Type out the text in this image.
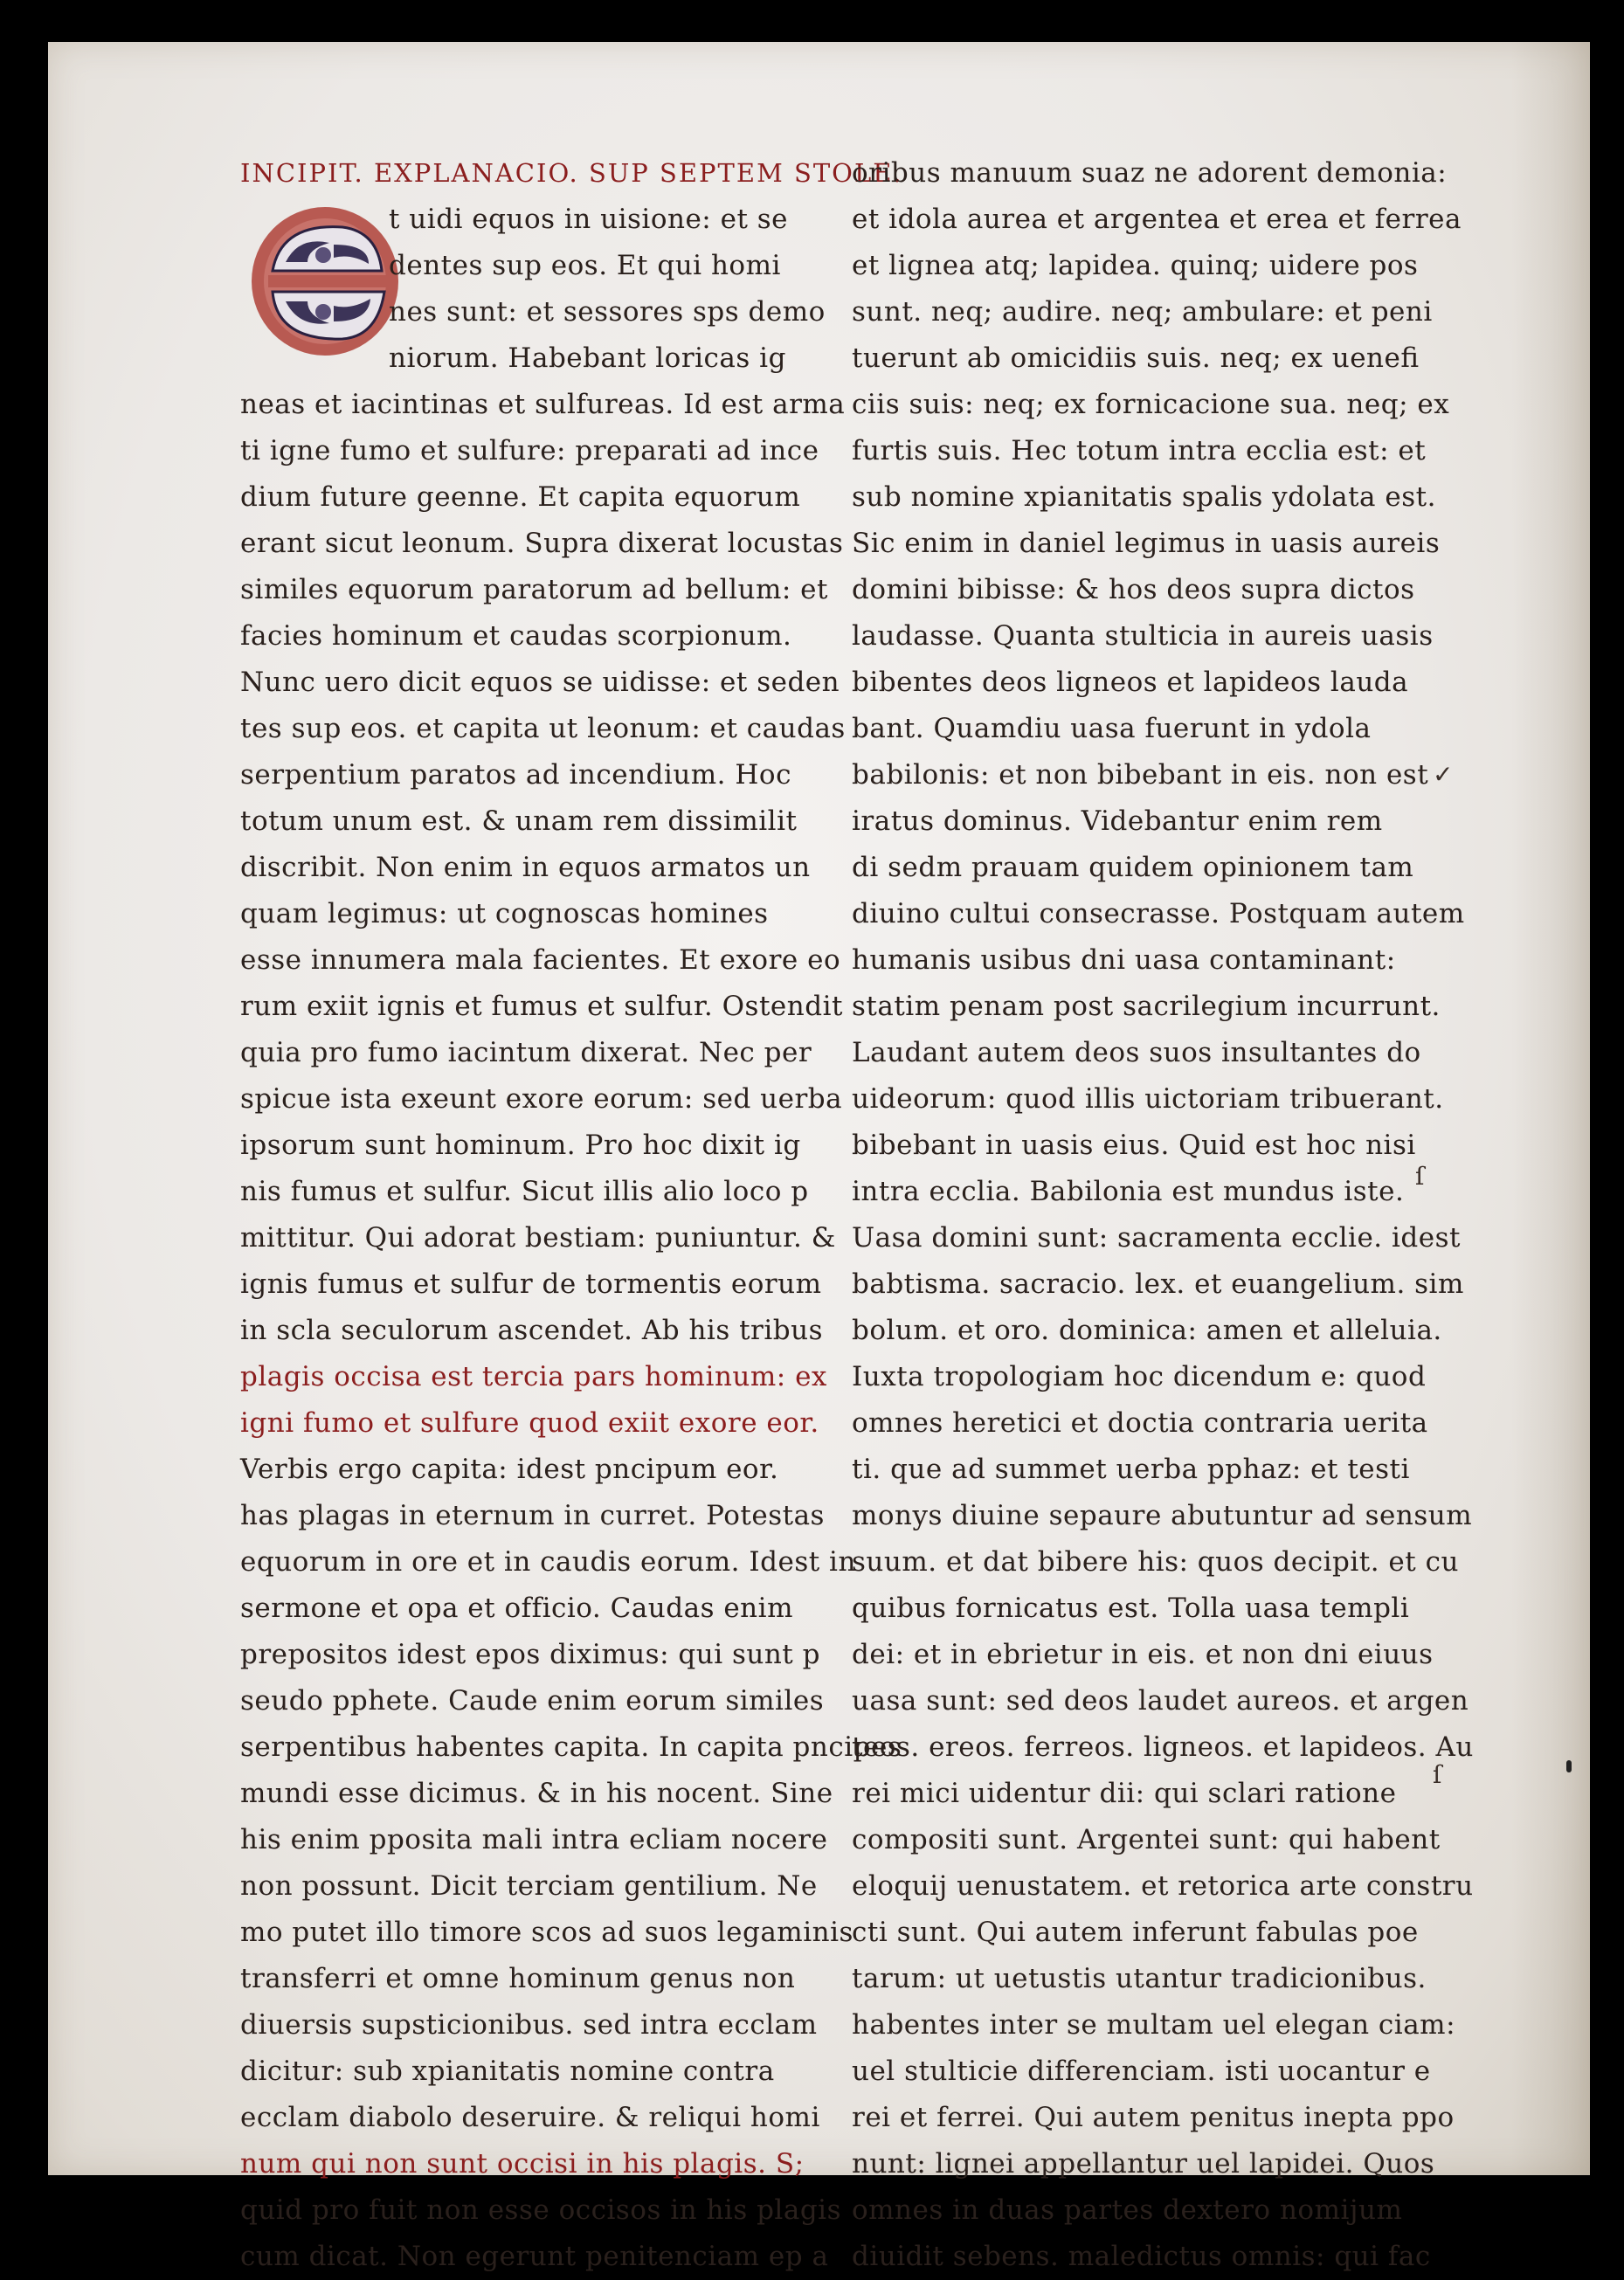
INCIPIT. EXPLANACIO. SUP SEPTEM STOLE.
t uidi equos in uisione: et se
dentes sup eos. Et qui homi
nes sunt: et sessores sps demo
niorum. Habebant loricas ig
neas et iacintinas et sulfureas. Id est arma
ti igne fumo et sulfure: preparati ad ince
dium future geenne. Et capita equorum
erant sicut leonum. Supra dixerat locustas
similes equorum paratorum ad bellum: et
facies hominum et caudas scorpionum.
Nunc uero dicit equos se uidisse: et seden
tes sup eos. et capita ut leonum: et caudas
serpentium paratos ad incendium. Hoc
totum unum est. & unam rem dissimilit
discribit. Non enim in equos armatos un
quam legimus: ut cognoscas homines
esse innumera mala facientes. Et exore eo
rum exiit ignis et fumus et sulfur. Ostendit
quia pro fumo iacintum dixerat. Nec per
spicue ista exeunt exore eorum: sed uerba
ipsorum sunt hominum. Pro hoc dixit ig
nis fumus et sulfur. Sicut illis alio loco p
mittitur. Qui adorat bestiam: puniuntur. &
ignis fumus et sulfur de tormentis eorum
in scla seculorum ascendet. Ab his tribus
plagis occisa est tercia pars hominum: ex
igni fumo et sulfure quod exiit exore eor.
Verbis ergo capita: idest pncipum eor.
has plagas in eternum in curret. Potestas
equorum in ore et in caudis eorum. Idest in
sermone et opa et officio. Caudas enim
prepositos idest epos diximus: qui sunt p
seudo pphete. Caude enim eorum similes
serpentibus habentes capita. In capita pncipes
mundi esse dicimus. & in his nocent. Sine
his enim pposita mali intra ecliam nocere
non possunt. Dicit terciam gentilium. Ne
mo putet illo timore scos ad suos legaminis
transferri et omne hominum genus non
diuersis supsticionibus. sed intra ecclam
dicitur: sub xpianitatis nomine contra
ecclam diabolo deseruire. & reliqui homi
num qui non sunt occisi in his plagis. S;
quid pro fuit non esse occisos in his plagis
cum dicat. Non egerunt penitenciam ep a
oribus manuum suaz ne adorent demonia:
et idola aurea et argentea et erea et ferrea
et lignea atq; lapidea. quinq; uidere pos
sunt. neq; audire. neq; ambulare: et peni
tuerunt ab omicidiis suis. neq; ex ueneﬁ
ciis suis: neq; ex fornicacione sua. neq; ex
furtis suis. Hec totum intra ecclia est: et
sub nomine xpianitatis spalis ydolata est.
Sic enim in daniel legimus in uasis aureis
domini bibisse: & hos deos supra dictos
laudasse. Quanta stulticia in aureis uasis
bibentes deos ligneos et lapideos lauda
bant. Quamdiu uasa fuerunt in ydola
babilonis: et non bibebant in eis. non est
iratus dominus. Videbantur enim rem
di sedm prauam quidem opinionem tam
diuino cultui consecrasse. Postquam autem
humanis usibus dni uasa contaminant:
statim penam post sacrilegium incurrunt.
Laudant autem deos suos insultantes do
uideorum: quod illis uictoriam tribuerant.
bibebant in uasis eius. Quid est hoc nisi
intra ecclia. Babilonia est mundus iste.
Uasa domini sunt: sacramenta ecclie. idest
babtisma. sacracio. lex. et euangelium. sim
bolum. et oro. dominica: amen et alleluia.
Iuxta tropologiam hoc dicendum e: quod
omnes heretici et doctia contraria uerita
ti. que ad summet uerba pphaz: et testi
monys diuine sepaure abutuntur ad sensum
suum. et dat bibere his: quos decipit. et cu
quibus fornicatus est. Tolla uasa templi
dei: et in ebrietur in eis. et non dni eiuus
uasa sunt: sed deos laudet aureos. et argen
teos. ereos. ferreos. ligneos. et lapideos. Au
rei mici uidentur dii: qui sclari ratione
compositi sunt. Argentei sunt: qui habent
eloquij uenustatem. et retorica arte constru
cti sunt. Qui autem inferunt fabulas poe
tarum: ut uetustis utantur tradicionibus.
habentes inter se multam uel elegan ciam:
uel stulticie differenciam. isti uocantur e
rei et ferrei. Qui autem penitus inepta ppo
nunt: lignei appellantur uel lapidei. Quos
omnes in duas partes dextero nomijum
diuidit sebens. maledictus omnis: qui fac
✓
ſ
ſ
